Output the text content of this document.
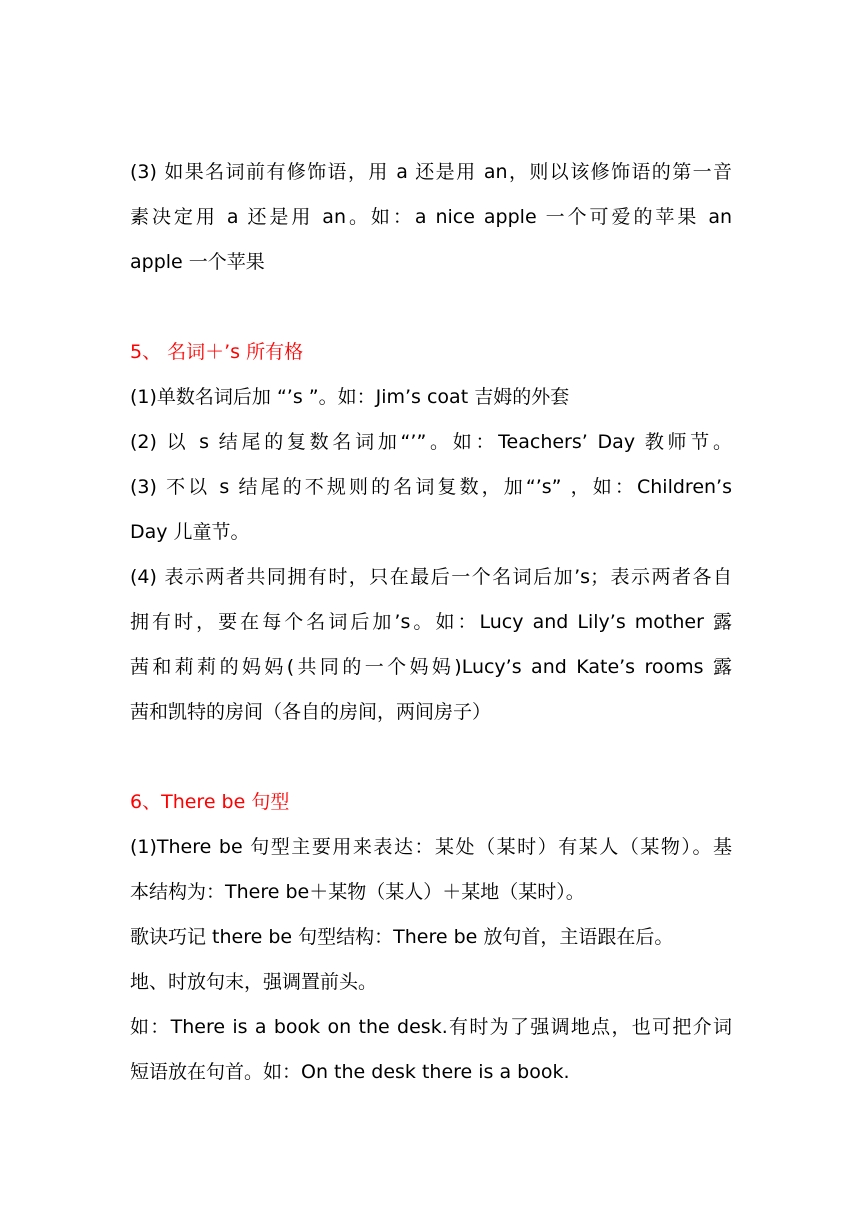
(3) 如果名词前有修饰语，用 a 还是用 an，则以该修饰语的第一音
素决定用 a 还是用 an。如：a nice apple 一个可爱的苹果 an
apple 一个苹果
5、 名词＋’s 所有格
(1)单数名词后加 “’s ”。如：Jim’s coat 吉姆的外套
(2) 以 s 结尾的复数名词加“’”。如：Teachers’ Day 教师节。
(3) 不以 s 结尾的不规则的名词复数，加“’s” ，如：Children’s
Day 儿童节。
(4) 表示两者共同拥有时，只在最后一个名词后加’s；表示两者各自
拥有时，要在每个名词后加’s。如：Lucy and Lily’s mother 露
茜和莉莉的妈妈(共同的一个妈妈)Lucy’s and Kate’s rooms 露
茜和凯特的房间（各自的房间，两间房子）
6、There be 句型
(1)There be 句型主要用来表达：某处（某时）有某人（某物）。基
本结构为：There be＋某物（某人）＋某地（某时）。
歌诀巧记 there be 句型结构：There be 放句首，主语跟在后。
地、时放句末，强调置前头。
如：There is a book on the desk.有时为了强调地点，也可把介词
短语放在句首。如：On the desk there is a book.
